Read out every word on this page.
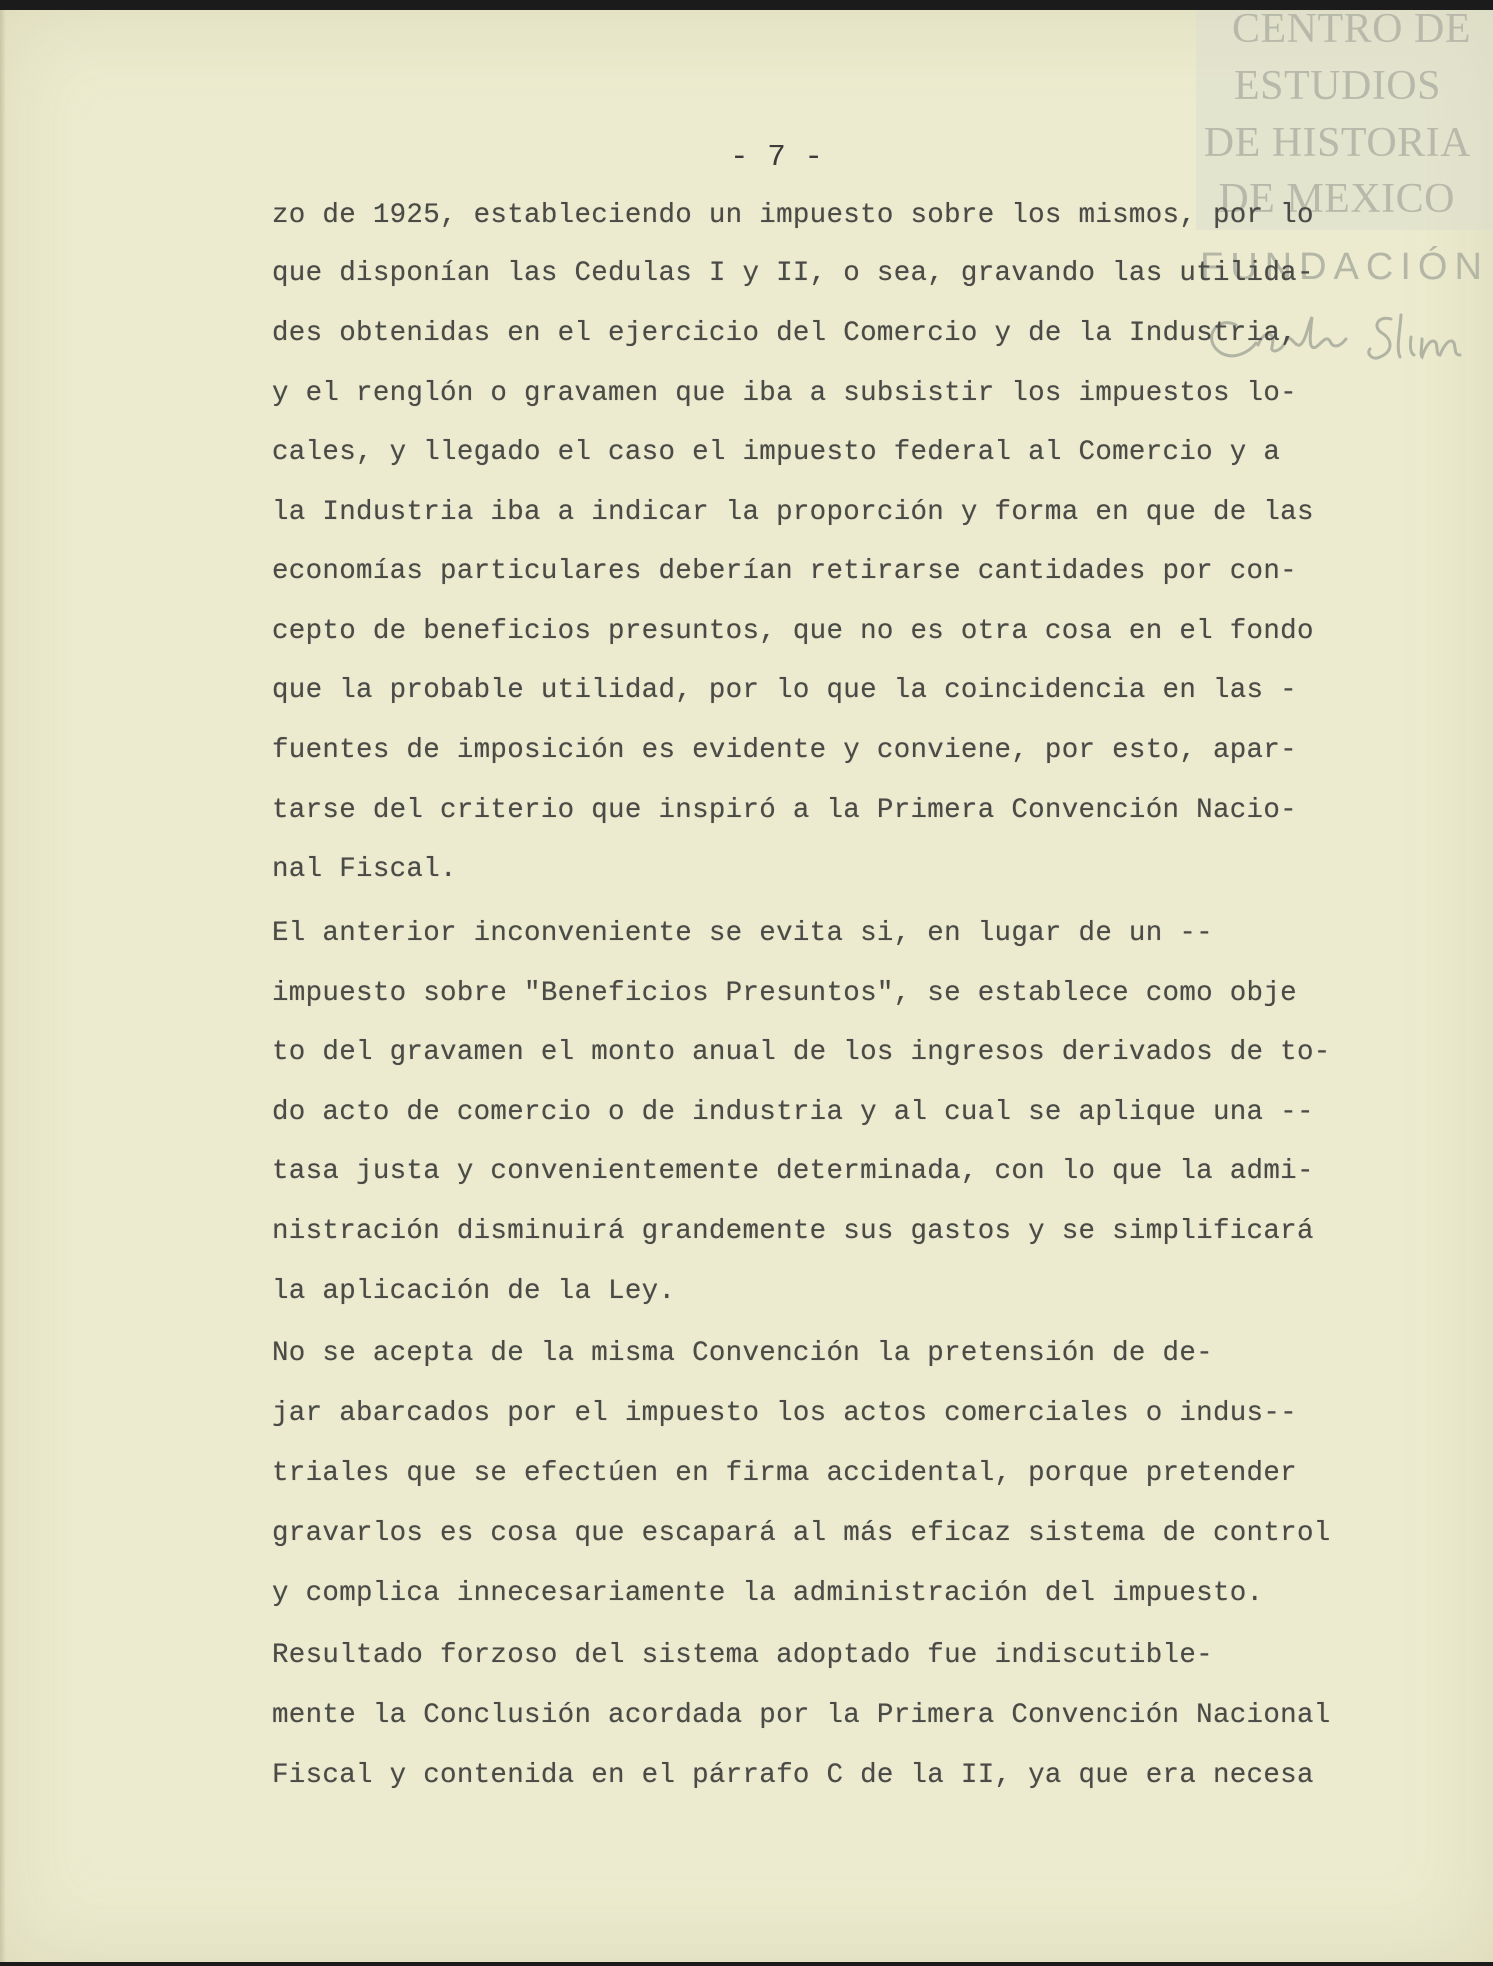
CENTRO DE
ESTUDIOS
DE HISTORIA
DE MEXICO
FUNDACIÓN
- 7 -
zo de 1925, estableciendo un impuesto sobre los mismos, por lo
que disponían las Cedulas I y II, o sea, gravando las utilida-
des obtenidas en el ejercicio del Comercio y de la Industria,
y el renglón o gravamen que iba a subsistir los impuestos lo-
cales, y llegado el caso el impuesto federal al Comercio y a
la Industria iba a indicar la proporción y forma en que de las
economías particulares deberían retirarse cantidades por con-
cepto de beneficios presuntos, que no es otra cosa en el fondo
que la probable utilidad, por lo que la coincidencia en las -
fuentes de imposición es evidente y conviene, por esto, apar-
tarse del criterio que inspiró a la Primera Convención Nacio-
nal Fiscal.
El anterior inconveniente se evita si, en lugar de un --
impuesto sobre "Beneficios Presuntos", se establece como obje
to del gravamen el monto anual de los ingresos derivados de to-
do acto de comercio o de industria y al cual se aplique una --
tasa justa y convenientemente determinada, con lo que la admi-
nistración disminuirá grandemente sus gastos y se simplificará
la aplicación de la Ley.
No se acepta de la misma Convención la pretensión de de-
jar abarcados por el impuesto los actos comerciales o indus--
triales que se efectúen en firma accidental, porque pretender
gravarlos es cosa que escapará al más eficaz sistema de control
y complica innecesariamente la administración del impuesto.
Resultado forzoso del sistema adoptado fue indiscutible-
mente la Conclusión acordada por la Primera Convención Nacional
Fiscal y contenida en el párrafo C de la II, ya que era necesa
